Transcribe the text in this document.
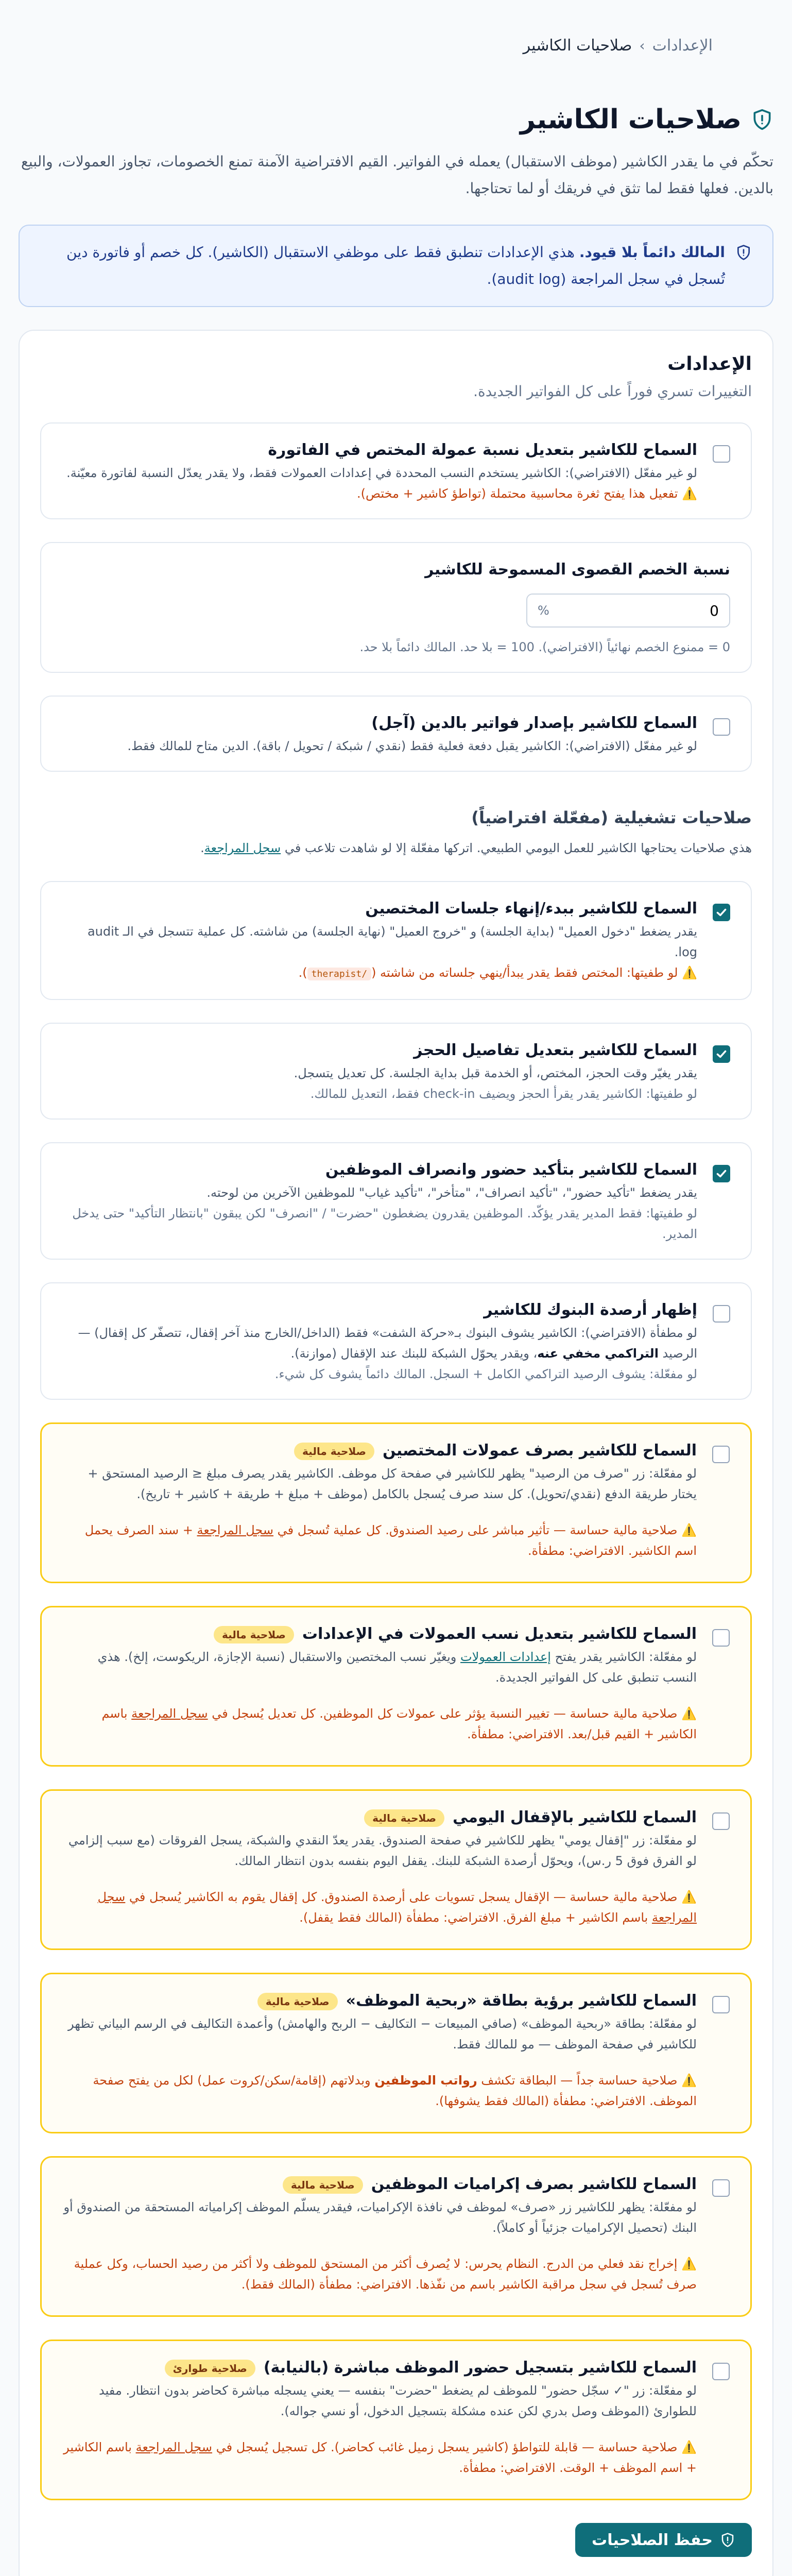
الإعدادات
›
صلاحيات الكاشير
صلاحيات الكاشير

تحكّم في ما يقدر الكاشير (موظف الاستقبال) يعمله في الفواتير. القيم الافتراضية الآمنة تمنع الخصومات، تجاوز العمولات، والبيع بالدين. فعلها فقط لما تثق في فريقك أو لما تحتاجها.

المالك دائماً بلا قيود. هذي الإعدادات تنطبق فقط على موظفي الاستقبال (الكاشير). كل خصم أو فاتورة دين تُسجل في سجل المراجعة (audit log).
الإعدادات

التغييرات تسري فوراً على كل الفواتير الجديدة.

السماح للكاشير بتعديل نسبة عمولة المختص في الفاتورة
لو غير مفعّل (الافتراضي): الكاشير يستخدم النسب المحددة في إعدادات العمولات فقط، ولا يقدر يعدّل النسبة لفاتورة معيّنة.
⚠️ تفعيل هذا يفتح ثغرة محاسبية محتملة (تواطؤ كاشير + مختص).
نسبة الخصم القصوى المسموحة للكاشير
0
%
0 = ممنوع الخصم نهائياً (الافتراضي). 100 = بلا حد. المالك دائماً بلا حد.
السماح للكاشير بإصدار فواتير بالدين (آجل)
لو غير مفعّل (الافتراضي): الكاشير يقبل دفعة فعلية فقط (نقدي / شبكة / تحويل / باقة). الدين متاح للمالك فقط.
صلاحيات تشغيلية (مفعّلة افتراضياً)

هذي صلاحيات يحتاجها الكاشير للعمل اليومي الطبيعي. اتركها مفعّلة إلا لو شاهدت تلاعب في سجل المراجعة.

السماح للكاشير ببدء/إنهاء جلسات المختصين
يقدر يضغط "دخول العميل" (بداية الجلسة) و "خروج العميل" (نهاية الجلسة) من شاشته. كل عملية تتسجل في الـ audit log.
⚠️ لو طفيتها: المختص فقط يقدر يبدأ/ينهي جلساته من شاشته (/therapist).
السماح للكاشير بتعديل تفاصيل الحجز
يقدر يغيّر وقت الحجز، المختص، أو الخدمة قبل بداية الجلسة. كل تعديل يتسجل.
لو طفيتها: الكاشير يقدر يقرأ الحجز ويضيف check-in فقط، التعديل للمالك.
السماح للكاشير بتأكيد حضور وانصراف الموظفين
يقدر يضغط "تأكيد حضور"، "تأكيد انصراف"، "متأخر"، "تأكيد غياب" للموظفين الآخرين من لوحته.
لو طفيتها: فقط المدير يقدر يؤكّد. الموظفين يقدرون يضغطون "حضرت" / "انصرف" لكن يبقون "بانتظار التأكيد" حتى يدخل المدير.
إظهار أرصدة البنوك للكاشير
لو مطفأة (الافتراضي): الكاشير يشوف البنوك بـ«حركة الشفت» فقط (الداخل/الخارج منذ آخر إقفال، تتصفّر كل إقفال) — الرصيد التراكمي مخفي عنه، ويقدر يحوّل الشبكة للبنك عند الإقفال (موازنة).
لو مفعّلة: يشوف الرصيد التراكمي الكامل + السجل. المالك دائماً يشوف كل شيء.
السماح للكاشير بصرف عمولات المختصينصلاحية مالية
لو مفعّلة: زر "صرف من الرصيد" يظهر للكاشير في صفحة كل موظف. الكاشير يقدر يصرف مبلغ ≤ الرصيد المستحق + يختار طريقة الدفع (نقدي/تحويل). كل سند صرف يُسجل بالكامل (موظف + مبلغ + طريقة + كاشير + تاريخ).
⚠️ صلاحية مالية حساسة — تأثير مباشر على رصيد الصندوق. كل عملية تُسجل في سجل المراجعة + سند الصرف يحمل اسم الكاشير. الافتراضي: مطفأة.
السماح للكاشير بتعديل نسب العمولات في الإعداداتصلاحية مالية
لو مفعّلة: الكاشير يقدر يفتح إعدادات العمولات ويغيّر نسب المختصين والاستقبال (نسبة الإجازة، الريكوست، إلخ). هذي النسب تنطبق على كل الفواتير الجديدة.
⚠️ صلاحية مالية حساسة — تغيير النسبة يؤثر على عمولات كل الموظفين. كل تعديل يُسجل في سجل المراجعة باسم الكاشير + القيم قبل/بعد. الافتراضي: مطفأة.
السماح للكاشير بالإقفال اليوميصلاحية مالية
لو مفعّلة: زر "إقفال يومي" يظهر للكاشير في صفحة الصندوق. يقدر يعدّ النقدي والشبكة، يسجل الفروقات (مع سبب إلزامي لو الفرق فوق 5 ر.س)، ويحوّل أرصدة الشبكة للبنك. يقفل اليوم بنفسه بدون انتظار المالك.
⚠️ صلاحية مالية حساسة — الإقفال يسجل تسويات على أرصدة الصندوق. كل إقفال يقوم به الكاشير يُسجل في سجل المراجعة باسم الكاشير + مبلغ الفرق. الافتراضي: مطفأة (المالك فقط يقفل).
السماح للكاشير برؤية بطاقة «ربحية الموظف»صلاحية مالية
لو مفعّلة: بطاقة «ربحية الموظف» (صافي المبيعات − التكاليف − الربح والهامش) وأعمدة التكاليف في الرسم البياني تظهر للكاشير في صفحة الموظف — مو للمالك فقط.
⚠️ صلاحية حساسة جداً — البطاقة تكشف رواتب الموظفين وبدلاتهم (إقامة/سكن/كروت عمل) لكل من يفتح صفحة الموظف. الافتراضي: مطفأة (المالك فقط يشوفها).
السماح للكاشير بصرف إكراميات الموظفينصلاحية مالية
لو مفعّلة: يظهر للكاشير زر «صرف» لموظف في نافذة الإكراميات، فيقدر يسلّم الموظف إكرامياته المستحقة من الصندوق أو البنك (تحصيل الإكراميات جزئياً أو كاملاً).
⚠️ إخراج نقد فعلي من الدرج. النظام يحرس: لا يُصرف أكثر من المستحق للموظف ولا أكثر من رصيد الحساب، وكل عملية صرف تُسجل في سجل مراقبة الكاشير باسم من نفّذها. الافتراضي: مطفأة (المالك فقط).
السماح للكاشير بتسجيل حضور الموظف مباشرة (بالنيابة)صلاحية طوارئ
لو مفعّلة: زر "✓ سجّل حضور" للموظف لم يضغط "حضرت" بنفسه — يعني يسجله مباشرة كحاضر بدون انتظار. مفيد للطوارئ (الموظف وصل بدري لكن عنده مشكلة بتسجيل الدخول، أو نسي جواله).
⚠️ صلاحية حساسة — قابلة للتواطؤ (كاشير يسجل زميل غائب كحاضر). كل تسجيل يُسجل في سجل المراجعة باسم الكاشير + اسم الموظف + الوقت. الافتراضي: مطفأة.
حفظ الصلاحيات
